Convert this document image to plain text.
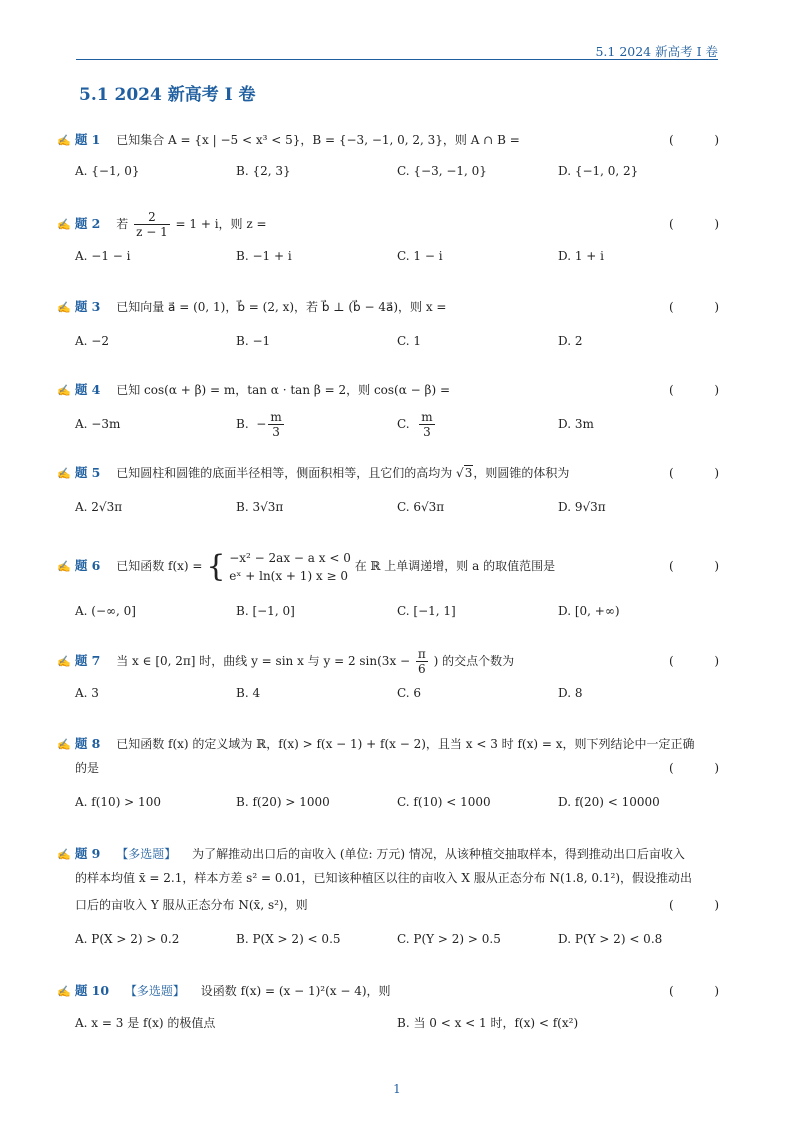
5.1 2024 新高考 I 卷
5.1 2024 新高考 I 卷
✍ 题 1 已知集合 A = {x | −5 < x³ < 5}，B = {−3, −1, 0, 2, 3}，则 A ∩ B =	(	)
A. {−1, 0}	B. {2, 3}	C. {−3, −1, 0}	D. {−1, 0, 2}
✍ 题 2 若 $\frac{2}{z - 1} = 1 + i$，则 z =	(	)
A. −1 − i	B. −1 + i	C. 1 − i	D. 1 + i
✍ 题 3 已知向量 a⃗ = (0, 1)，b⃗ = (2, x)，若 b⃗ ⊥ (b⃗ − 4a⃗)，则 x =	(	)
A. −2	B. −1	C. 1	D. 2
✍ 题 4 已知 cos(α + β) = m，tan α · tan β = 2，则 cos(α − β) =	(	)
A. −3m	B. − $\frac{m}{3}$	C. $\frac{m}{3}$	D. 3m
✍ 题 5 已知圆柱和圆锥的底面半径相等，侧面积相等，且它们的高均为 √3，则圆锥的体积为	(	)
A. 2√3π	B. 3√3π	C. 6√3π	D. 9√3π
✍ 题 6 已知函数 f(x) = { −x² − 2ax − a x < 0
eˣ + ln(x + 1) x ≥ 0
在 ℝ 上单调递增，则 a 的取值范围是	(	)
A. (−∞, 0]	B. [−1, 0]	C. [−1, 1]	D. [0, +∞)
✍ 题 7 当 x ∈ [0, 2π] 时，曲线 y = sin x 与 y = 2 $\sin(3x - \frac{\pi}{6}$ ) 的交点个数为	(	)
A. 3	B. 4	C. 6	D. 8
✍ 题 8 已知函数 f(x) 的定义域为 ℝ，f(x) > f(x − 1) + f(x − 2)，且当 x < 3 时 f(x) = x，则下列结论中一定正确
的是	(	)
A. f(10) > 100	B. f(20) > 1000	C. f(10) < 1000	D. f(20) < 10000
✍ 题 9 【多选题】 为了解推动出口后的亩收入 (单位: 万元) 情况，从该种植交抽取样本，得到推动出口后亩收入
的样本均值 x̄ = 2.1，样本方差 s² = 0.01，已知该种植区以往的亩收入 X 服从正态分布 N(1.8, 0.1²)，假设推动出
口后的亩收入 Y 服从正态分布 N(x̄, s²)，则	(	)
A. P(X > 2) > 0.2	B. P(X > 2) < 0.5	C. P(Y > 2) > 0.5	D. P(Y > 2) < 0.8
✍ 题 10 【多选题】 设函数 f(x) = (x − 1)²(x − 4)，则	(	)
A. x = 3 是 f(x) 的极值点	B. 当 0 < x < 1 时，f(x) < f(x²)
1
